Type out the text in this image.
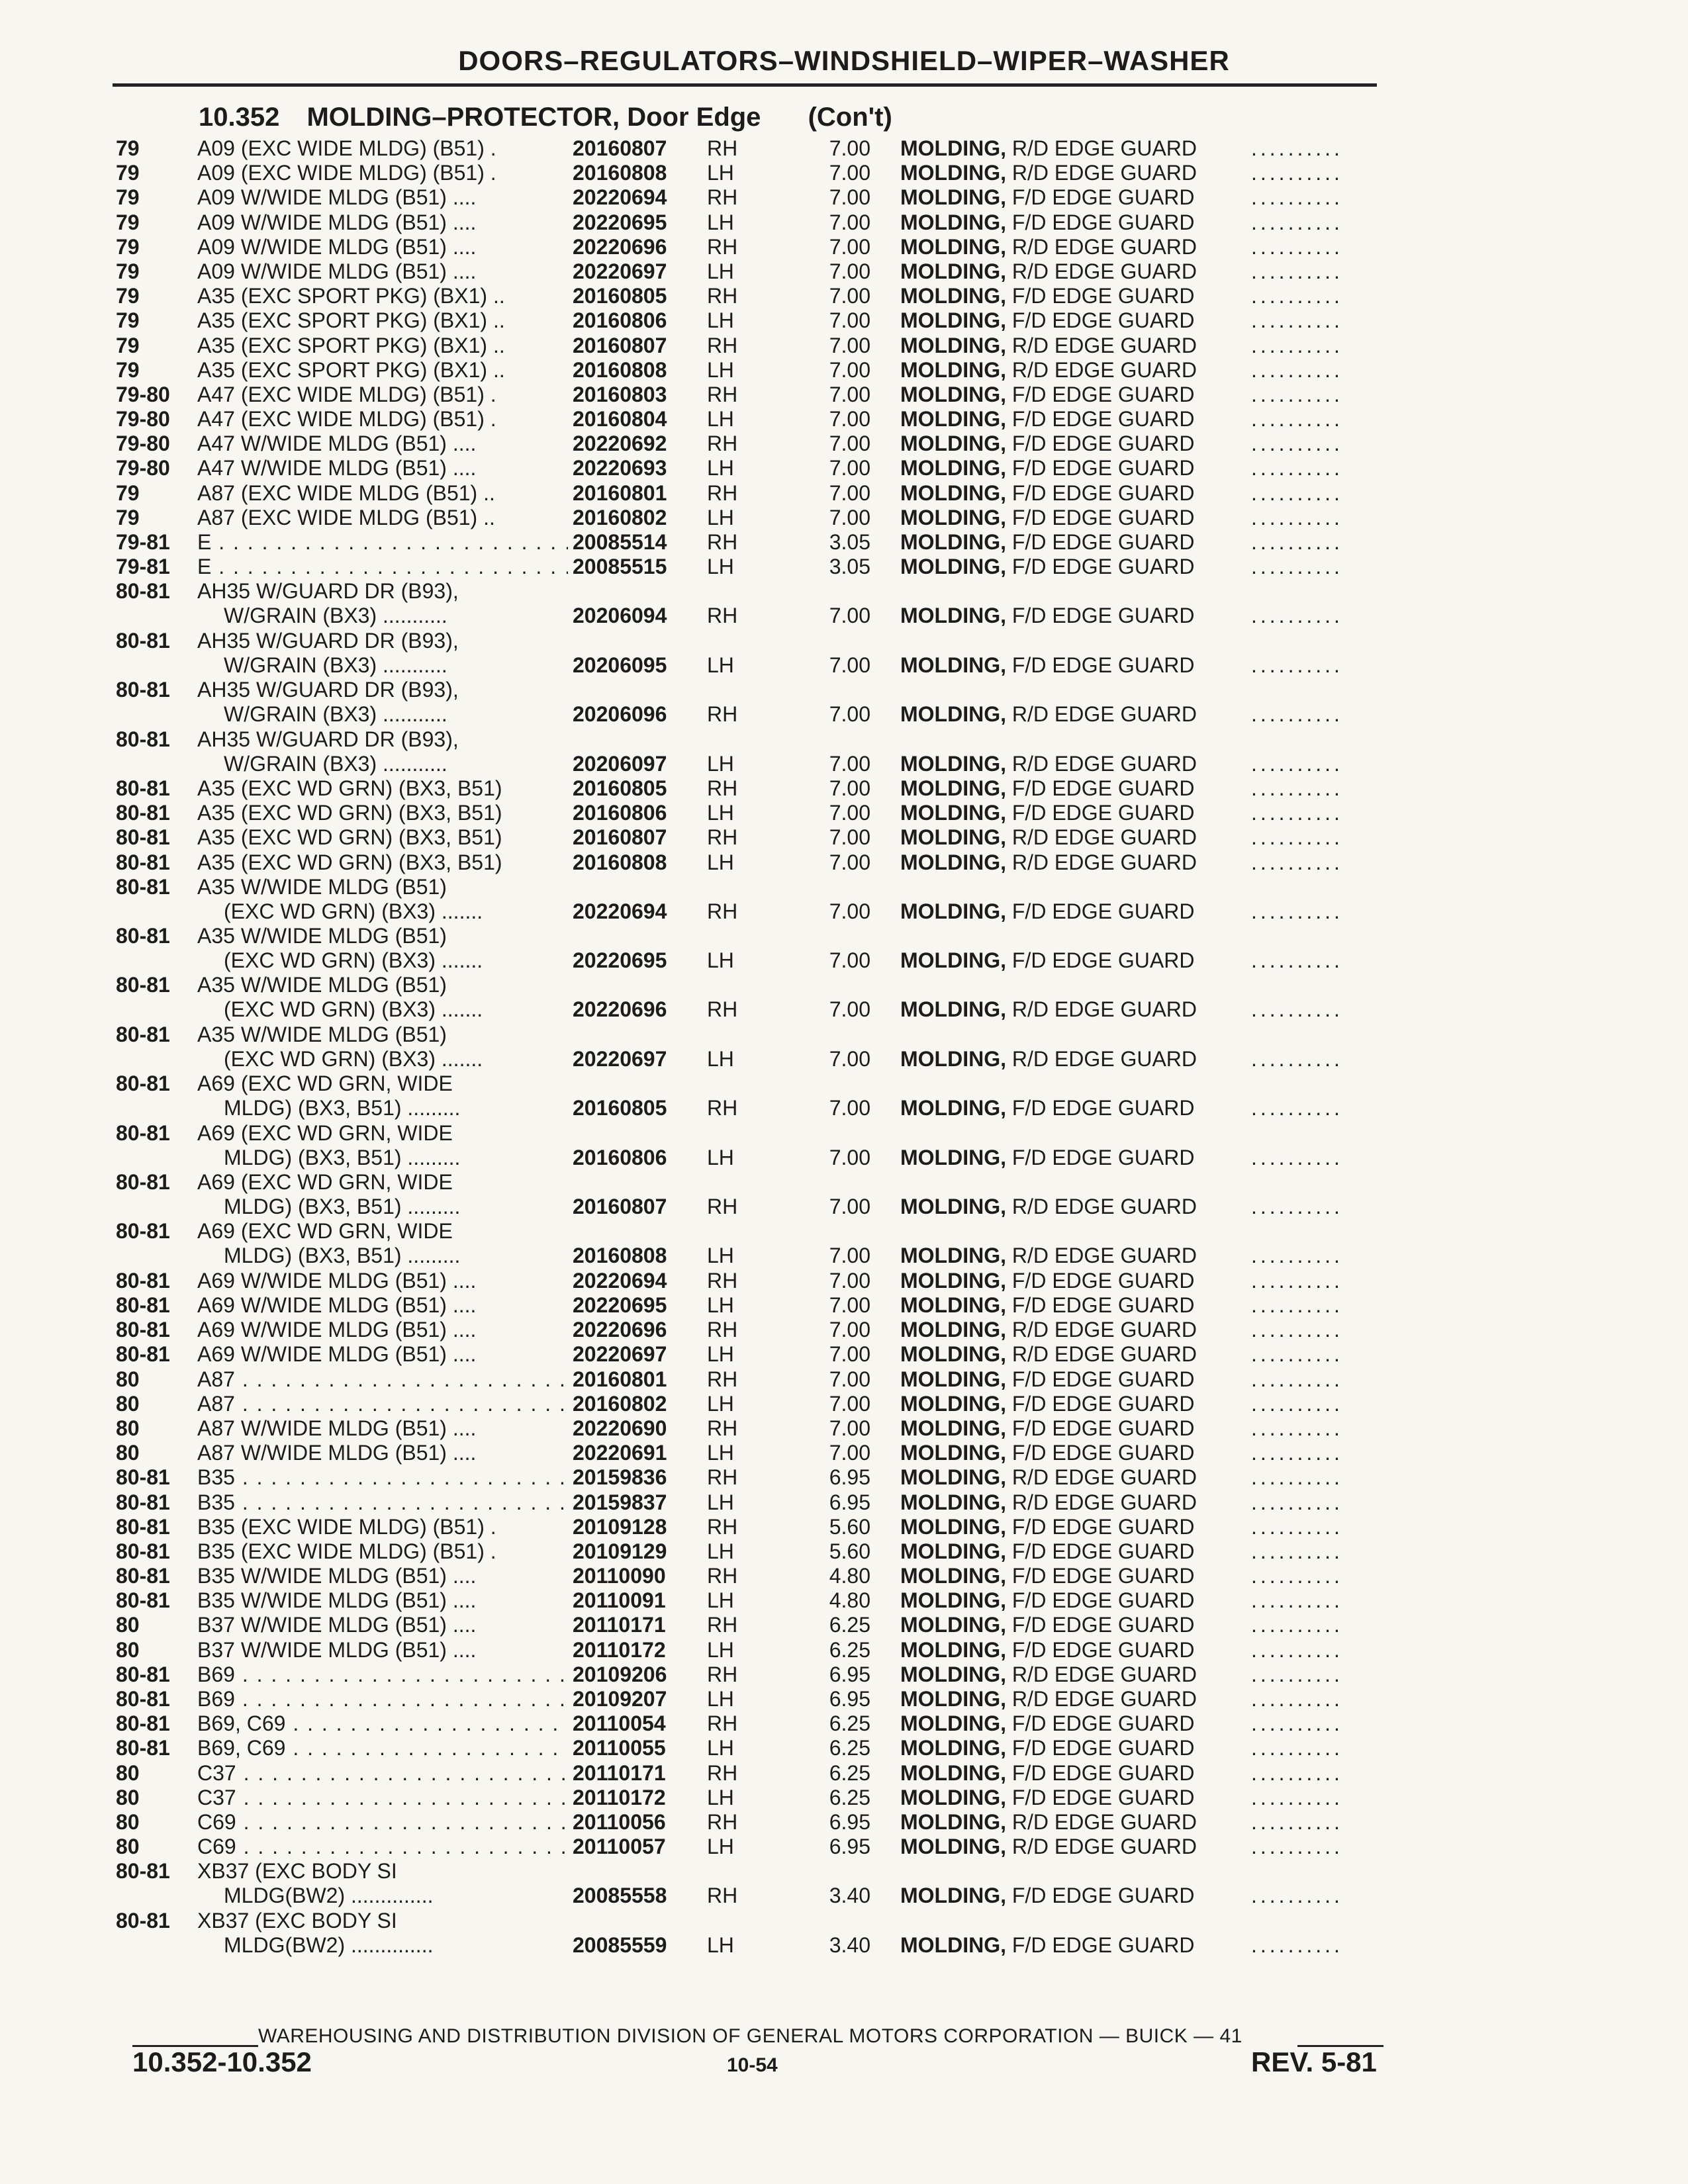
DOORS–REGULATORS–WINDSHIELD–WIPER–WASHER
10.352 MOLDING–PROTECTOR, Door Edge (Con't)
79	A09 (EXC WIDE MLDG) (B51) .	20160807 RH	7.00 MOLDING, R/D EDGE GUARD	..........
79	A09 (EXC WIDE MLDG) (B51) .	20160808 LH	7.00 MOLDING, R/D EDGE GUARD	..........
79	A09 W/WIDE MLDG (B51) ....	20220694 RH	7.00 MOLDING, F/D EDGE GUARD	..........
79	A09 W/WIDE MLDG (B51) ....	20220695 LH	7.00 MOLDING, F/D EDGE GUARD	..........
79	A09 W/WIDE MLDG (B51) ....	20220696 RH	7.00 MOLDING, R/D EDGE GUARD	..........
79	A09 W/WIDE MLDG (B51) ....	20220697 LH	7.00 MOLDING, R/D EDGE GUARD	..........
79	A35 (EXC SPORT PKG) (BX1) ..	20160805 RH	7.00 MOLDING, F/D EDGE GUARD	..........
79	A35 (EXC SPORT PKG) (BX1) ..	20160806 LH	7.00 MOLDING, F/D EDGE GUARD	..........
79	A35 (EXC SPORT PKG) (BX1) ..	20160807 RH	7.00 MOLDING, R/D EDGE GUARD	..........
79	A35 (EXC SPORT PKG) (BX1) ..	20160808 LH	7.00 MOLDING, R/D EDGE GUARD	..........
79-80 A47 (EXC WIDE MLDG) (B51) .	20160803 RH	7.00 MOLDING, F/D EDGE GUARD	..........
79-80 A47 (EXC WIDE MLDG) (B51) .	20160804 LH	7.00 MOLDING, F/D EDGE GUARD	..........
79-80 A47 W/WIDE MLDG (B51) ....	20220692 RH	7.00 MOLDING, F/D EDGE GUARD	..........
79-80 A47 W/WIDE MLDG (B51) ....	20220693 LH	7.00 MOLDING, F/D EDGE GUARD	..........
79	A87 (EXC WIDE MLDG (B51) ..	20160801 RH	7.00 MOLDING, F/D EDGE GUARD	..........
79	A87 (EXC WIDE MLDG (B51) ..	20160802 LH	7.00 MOLDING, F/D EDGE GUARD	..........
79-81 E . . .	20085514 RH	3.05 MOLDING, F/D EDGE GUARD	..........
79-81 E . . .	20085515 LH	3.05 MOLDING, F/D EDGE GUARD	..........
80-81 AH35 W/GUARD DR (B93),
W/GRAIN (BX3) ...........	20206094 RH	7.00 MOLDING, F/D EDGE GUARD	..........
80-81 AH35 W/GUARD DR (B93),
W/GRAIN (BX3) ...........	20206095 LH	7.00 MOLDING, F/D EDGE GUARD	..........
80-81 AH35 W/GUARD DR (B93),
W/GRAIN (BX3) ...........	20206096 RH	7.00 MOLDING, R/D EDGE GUARD	..........
80-81 AH35 W/GUARD DR (B93),
W/GRAIN (BX3) ...........	20206097 LH	7.00 MOLDING, R/D EDGE GUARD	..........
80-81 A35 (EXC WD GRN) (BX3, B51)	20160805 RH	7.00 MOLDING, F/D EDGE GUARD	..........
80-81 A35 (EXC WD GRN) (BX3, B51)	20160806 LH	7.00 MOLDING, F/D EDGE GUARD	..........
80-81 A35 (EXC WD GRN) (BX3, B51)	20160807 RH	7.00 MOLDING, R/D EDGE GUARD	..........
80-81 A35 (EXC WD GRN) (BX3, B51)	20160808 LH	7.00 MOLDING, R/D EDGE GUARD	..........
80-81 A35 W/WIDE MLDG (B51)
(EXC WD GRN) (BX3) .......	20220694 RH	7.00 MOLDING, F/D EDGE GUARD	..........
80-81 A35 W/WIDE MLDG (B51)
(EXC WD GRN) (BX3) .......	20220695 LH	7.00 MOLDING, F/D EDGE GUARD	..........
80-81 A35 W/WIDE MLDG (B51)
(EXC WD GRN) (BX3) .......	20220696 RH	7.00 MOLDING, R/D EDGE GUARD	..........
80-81 A35 W/WIDE MLDG (B51)
(EXC WD GRN) (BX3) .......	20220697 LH	7.00 MOLDING, R/D EDGE GUARD	..........
80-81 A69 (EXC WD GRN, WIDE
MLDG) (BX3, B51) .........	20160805 RH	7.00 MOLDING, F/D EDGE GUARD	..........
80-81 A69 (EXC WD GRN, WIDE
MLDG) (BX3, B51) .........	20160806 LH	7.00 MOLDING, F/D EDGE GUARD	..........
80-81 A69 (EXC WD GRN, WIDE
MLDG) (BX3, B51) .........	20160807 RH	7.00 MOLDING, R/D EDGE GUARD	..........
80-81 A69 (EXC WD GRN, WIDE
MLDG) (BX3, B51) .........	20160808 LH	7.00 MOLDING, R/D EDGE GUARD	..........
80-81 A69 W/WIDE MLDG (B51) ....	20220694 RH	7.00 MOLDING, F/D EDGE GUARD	..........
80-81 A69 W/WIDE MLDG (B51) ....	20220695 LH	7.00 MOLDING, F/D EDGE GUARD	..........
80-81 A69 W/WIDE MLDG (B51) ....	20220696 RH	7.00 MOLDING, R/D EDGE GUARD	..........
80-81 A69 W/WIDE MLDG (B51) ....	20220697 LH	7.00 MOLDING, R/D EDGE GUARD	..........
80	A87 . . .	20160801 RH	7.00 MOLDING, F/D EDGE GUARD	..........
80	A87 . . .	20160802 LH	7.00 MOLDING, F/D EDGE GUARD	..........
80	A87 W/WIDE MLDG (B51) ....	20220690 RH	7.00 MOLDING, F/D EDGE GUARD	..........
80	A87 W/WIDE MLDG (B51) ....	20220691 LH	7.00 MOLDING, F/D EDGE GUARD	..........
80-81 B35 . . .	20159836 RH	6.95 MOLDING, R/D EDGE GUARD	..........
80-81 B35 . . .	20159837 LH	6.95 MOLDING, R/D EDGE GUARD	..........
80-81 B35 (EXC WIDE MLDG) (B51) .	20109128 RH	5.60 MOLDING, F/D EDGE GUARD	..........
80-81 B35 (EXC WIDE MLDG) (B51) .	20109129 LH	5.60 MOLDING, F/D EDGE GUARD	..........
80-81 B35 W/WIDE MLDG (B51) ....	20110090 RH	4.80 MOLDING, F/D EDGE GUARD	..........
80-81 B35 W/WIDE MLDG (B51) ....	20110091 LH	4.80 MOLDING, F/D EDGE GUARD	..........
80	B37 W/WIDE MLDG (B51) ....	20110171 RH	6.25 MOLDING, F/D EDGE GUARD	..........
80	B37 W/WIDE MLDG (B51) ....	20110172 LH	6.25 MOLDING, F/D EDGE GUARD	..........
80-81 B69 . . .	20109206 RH	6.95 MOLDING, R/D EDGE GUARD	..........
80-81 B69 . . .	20109207 LH	6.95 MOLDING, R/D EDGE GUARD	..........
80-81 B69, C69 . . .	20110054 RH	6.25 MOLDING, F/D EDGE GUARD	..........
80-81 B69, C69 . . .	20110055 LH	6.25 MOLDING, F/D EDGE GUARD	..........
80	C37 . . .	20110171 RH	6.25 MOLDING, F/D EDGE GUARD	..........
80	C37 . . .	20110172 LH	6.25 MOLDING, F/D EDGE GUARD	..........
80	C69 . . .	20110056 RH	6.95 MOLDING, R/D EDGE GUARD	..........
80	C69 . . .	20110057 LH	6.95 MOLDING, R/D EDGE GUARD	..........
80-81 XB37 (EXC BODY SI
MLDG(BW2) ..............	20085558 RH	3.40 MOLDING, F/D EDGE GUARD	..........
80-81 XB37 (EXC BODY SI
MLDG(BW2) ..............	20085559 LH	3.40 MOLDING, F/D EDGE GUARD	..........
WAREHOUSING AND DISTRIBUTION DIVISION OF GENERAL MOTORS CORPORATION — BUICK — 41
10.352-10.352	10-54	REV. 5-81
